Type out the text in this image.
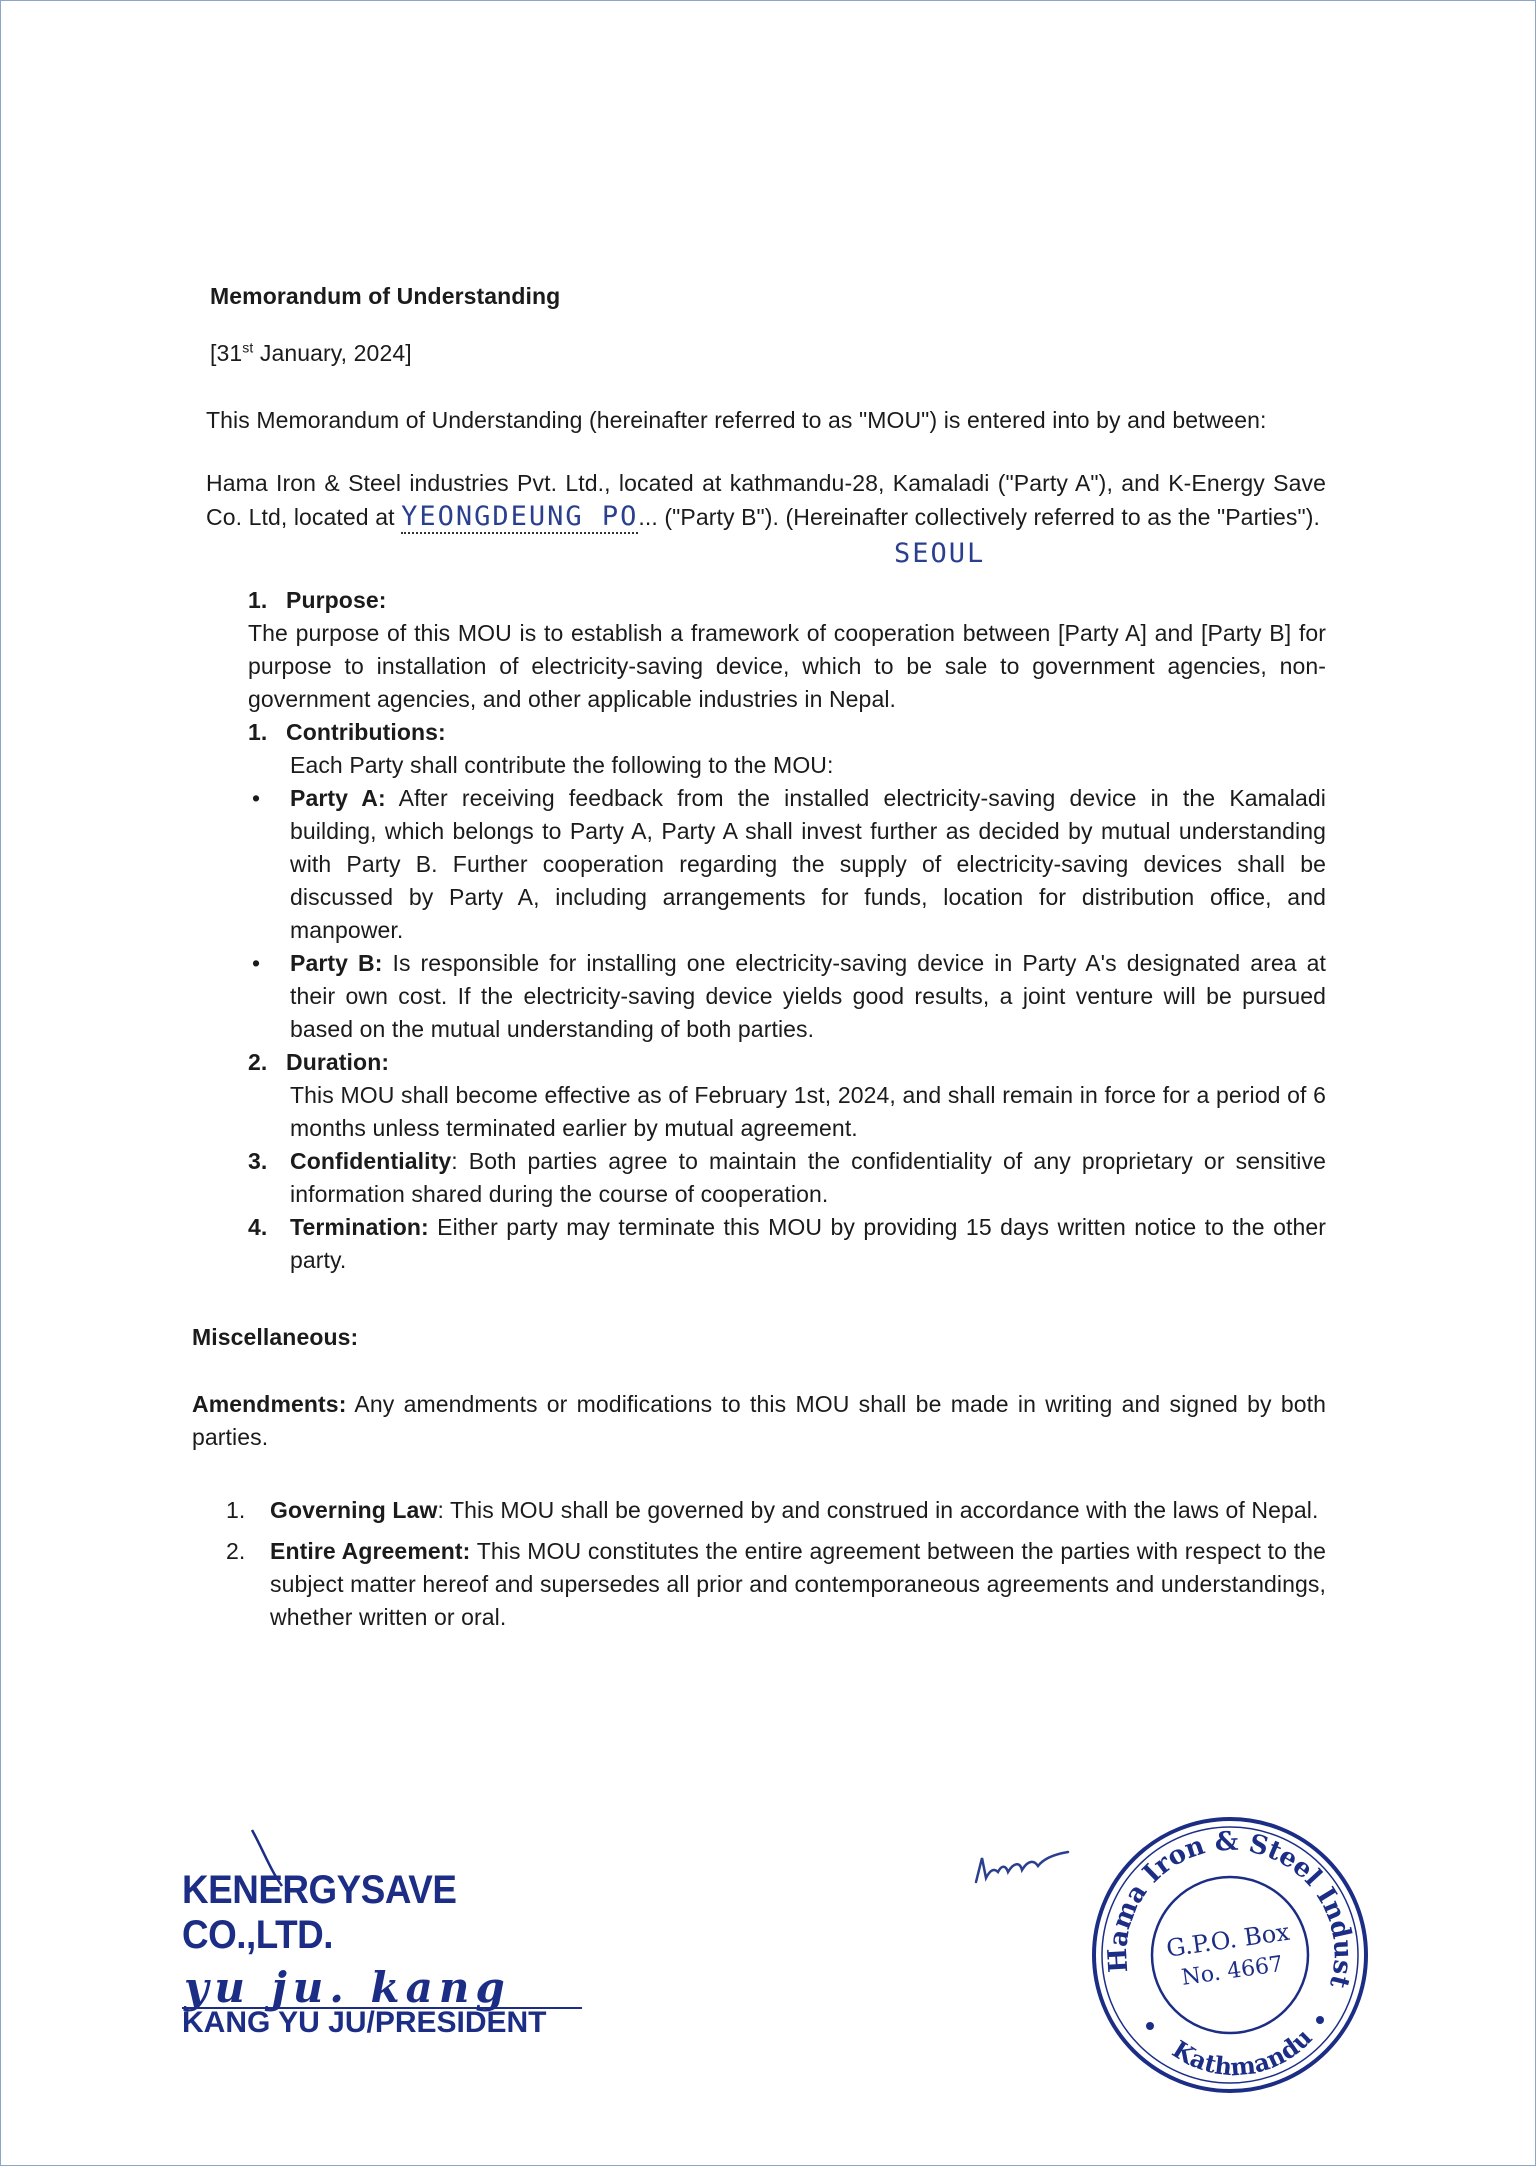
Memorandum of Understanding
[31st January, 2024]
This Memorandum of Understanding (hereinafter referred to as "MOU") is entered into by and between:
Hama Iron & Steel industries Pvt. Ltd., located at kathmandu-28, Kamaladi ("Party A"), and K-Energy Save Co. Ltd, located at YEONGDEUNG PO... ("Party B"). (Hereinafter collectively referred to as the "Parties").
SEOUL
1. Purpose:
The purpose of this MOU is to establish a framework of cooperation between [Party A] and [Party B] for purpose to installation of electricity-saving device, which to be sale to government agencies, non-government agencies, and other applicable industries in Nepal.
1. Contributions:
Each Party shall contribute the following to the MOU:
• Party A: After receiving feedback from the installed electricity-saving device in the Kamaladi building, which belongs to Party A, Party A shall invest further as decided by mutual understanding with Party B. Further cooperation regarding the supply of electricity-saving devices shall be discussed by Party A, including arrangements for funds, location for distribution office, and manpower.
• Party B: Is responsible for installing one electricity-saving device in Party A's designated area at their own cost. If the electricity-saving device yields good results, a joint venture will be pursued based on the mutual understanding of both parties.
2. Duration:
This MOU shall become effective as of February 1st, 2024, and shall remain in force for a period of 6 months unless terminated earlier by mutual agreement.
3. Confidentiality: Both parties agree to maintain the confidentiality of any proprietary or sensitive information shared during the course of cooperation.
4. Termination: Either party may terminate this MOU by providing 15 days written notice to the other party.
Miscellaneous:
Amendments: Any amendments or modifications to this MOU shall be made in writing and signed by both parties.
1. Governing Law: This MOU shall be governed by and construed in accordance with the laws of Nepal.
2. Entire Agreement: This MOU constitutes the entire agreement between the parties with respect to the subject matter hereof and supersedes all prior and contemporaneous agreements and understandings, whether written or oral.
KENERGYSAVE CO.,LTD.
yu ju. kang
KANG YU JU/PRESIDENT
Hama Iron & Steel Indust
Kathmandu
G.P.O. Box
No. 4667
